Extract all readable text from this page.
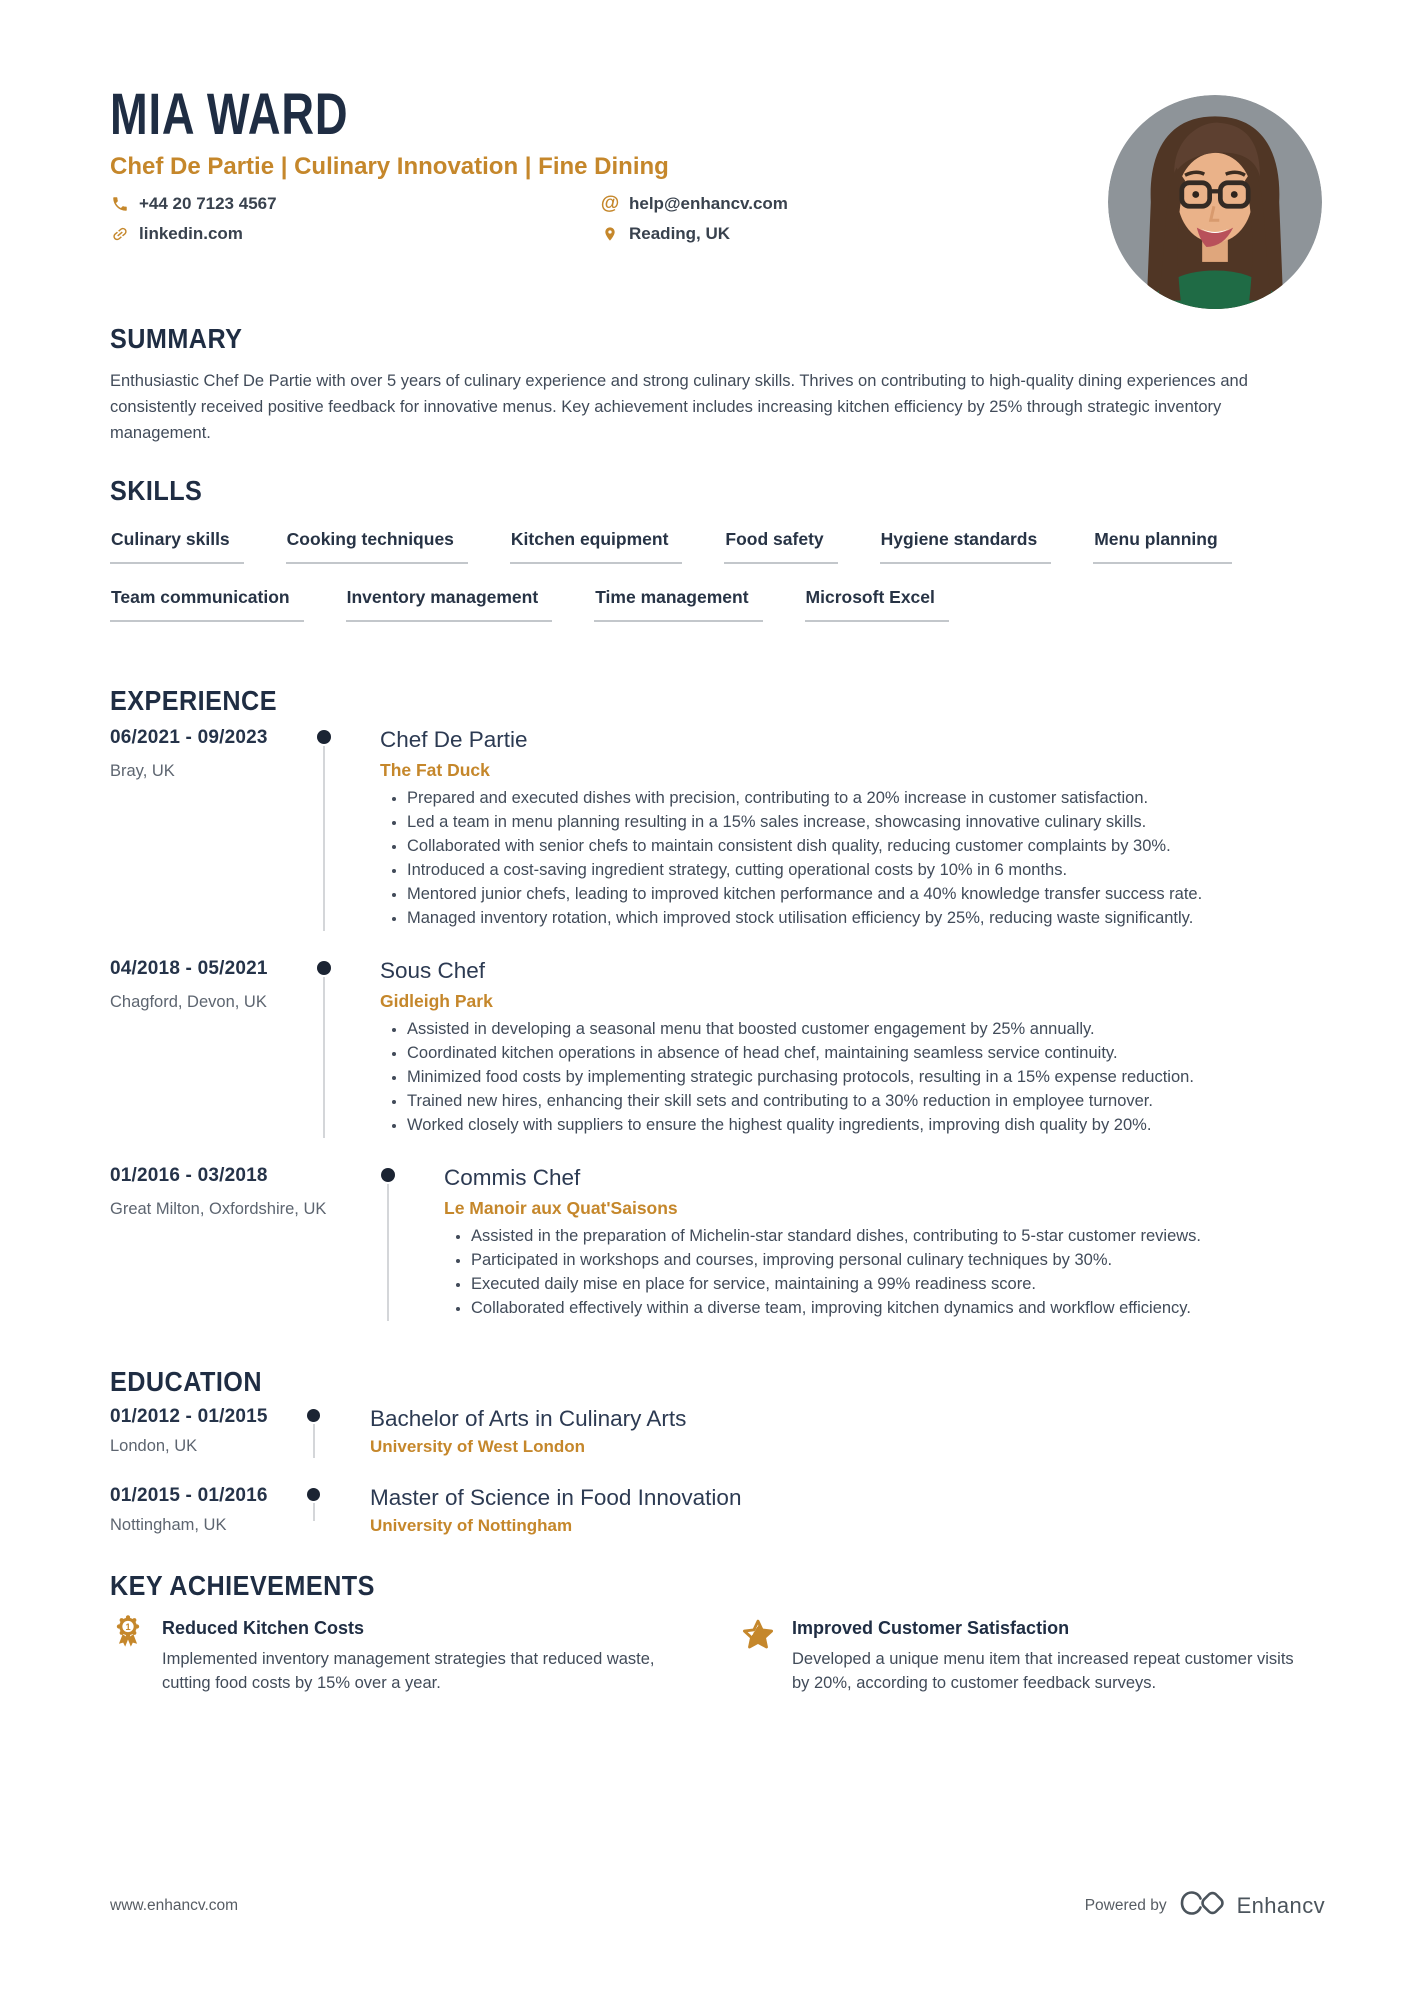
MIA WARD
Chef De Partie | Culinary Innovation | Fine Dining
+44 20 7123 4567	@ help@enhancv.com
linkedin.com	Reading, UK
SUMMARY
Enthusiastic Chef De Partie with over 5 years of culinary experience and strong culinary skills. Thrives on contributing to high-quality dining experiences and consistently received positive feedback for innovative menus. Key achievement includes increasing kitchen efficiency by 25% through strategic inventory management.
SKILLS
Culinary skills	Cooking techniques	Kitchen equipment	Food safety	Hygiene standards	Menu planning
Team communication	Inventory management	Time management	Microsoft Excel
EXPERIENCE
06/2021 - 09/2023
Bray, UK
Chef De Partie
The Fat Duck
• Prepared and executed dishes with precision, contributing to a 20% increase in customer satisfaction.
• Led a team in menu planning resulting in a 15% sales increase, showcasing innovative culinary skills.
• Collaborated with senior chefs to maintain consistent dish quality, reducing customer complaints by 30%.
• Introduced a cost-saving ingredient strategy, cutting operational costs by 10% in 6 months.
• Mentored junior chefs, leading to improved kitchen performance and a 40% knowledge transfer success rate.
• Managed inventory rotation, which improved stock utilisation efficiency by 25%, reducing waste significantly.
04/2018 - 05/2021
Chagford, Devon, UK
Sous Chef
Gidleigh Park
• Assisted in developing a seasonal menu that boosted customer engagement by 25% annually.
• Coordinated kitchen operations in absence of head chef, maintaining seamless service continuity.
• Minimized food costs by implementing strategic purchasing protocols, resulting in a 15% expense reduction.
• Trained new hires, enhancing their skill sets and contributing to a 30% reduction in employee turnover.
• Worked closely with suppliers to ensure the highest quality ingredients, improving dish quality by 20%.
01/2016 - 03/2018
Great Milton, Oxfordshire, UK
Commis Chef
Le Manoir aux Quat'Saisons
• Assisted in the preparation of Michelin-star standard dishes, contributing to 5-star customer reviews.
• Participated in workshops and courses, improving personal culinary techniques by 30%.
• Executed daily mise en place for service, maintaining a 99% readiness score.
• Collaborated effectively within a diverse team, improving kitchen dynamics and workflow efficiency.
EDUCATION
01/2012 - 01/2015
London, UK
Bachelor of Arts in Culinary Arts
University of West London
01/2015 - 01/2016
Nottingham, UK
Master of Science in Food Innovation
University of Nottingham
KEY ACHIEVEMENTS
1 Reduced Kitchen Costs
Implemented inventory management strategies that reduced waste, cutting food costs by 15% over a year.
Improved Customer Satisfaction
Developed a unique menu item that increased repeat customer visits by 20%, according to customer feedback surveys.
www.enhancv.com	Powered by	Enhancv
